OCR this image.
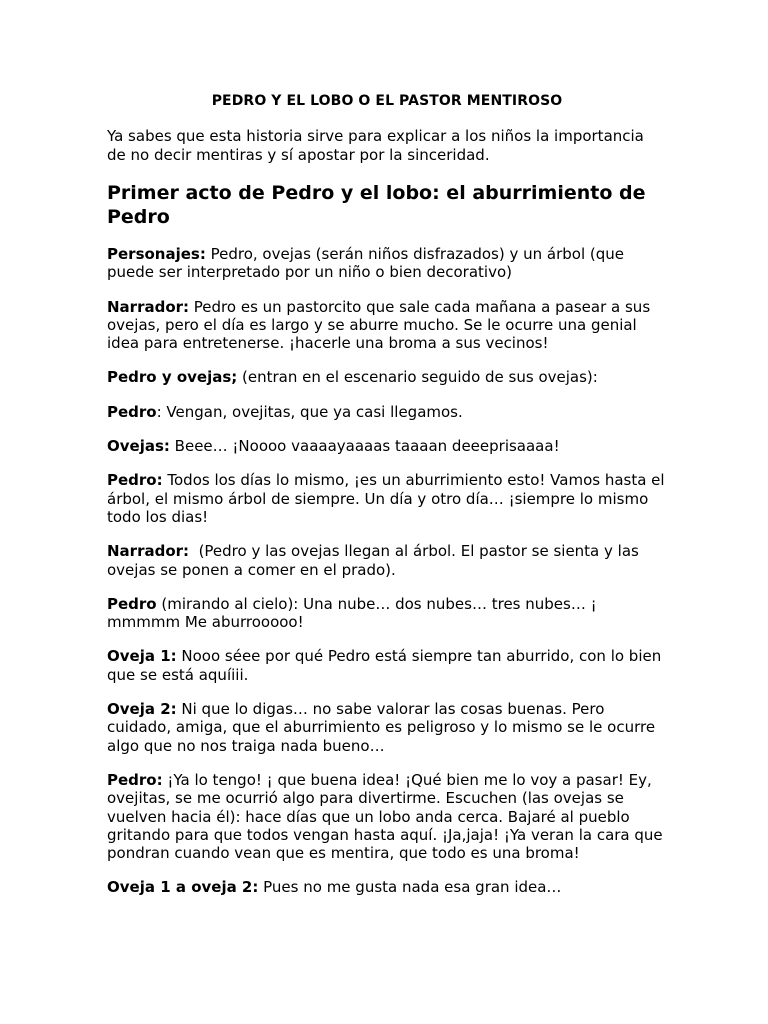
PEDRO Y EL LOBO O EL PASTOR MENTIROSO

Ya sabes que esta historia sirve para explicar a los niños la importancia de no decir mentiras y sí apostar por la sinceridad.

Primer acto de Pedro y el lobo: el aburrimiento de Pedro

Personajes: Pedro, ovejas (serán niños disfrazados) y un árbol (que puede ser interpretado por un niño o bien decorativo)

Narrador: Pedro es un pastorcito que sale cada mañana a pasear a sus ovejas, pero el día es largo y se aburre mucho. Se le ocurre una genial idea para entretenerse. ¡hacerle una broma a sus vecinos!

Pedro y ovejas; (entran en el escenario seguido de sus ovejas):

Pedro: Vengan, ovejitas, que ya casi llegamos.

Ovejas: Beee… ¡Noooo vaaaayaaaas taaaan deeeprisaaaa!

Pedro: Todos los días lo mismo, ¡es un aburrimiento esto! Vamos hasta el árbol, el mismo árbol de siempre. Un día y otro día… ¡siempre lo mismo todo los dias!

Narrador:  (Pedro y las ovejas llegan al árbol. El pastor se sienta y las ovejas se ponen a comer en el prado).

Pedro (mirando al cielo): Una nube… dos nubes… tres nubes… ¡ mmmmm Me aburrooooo!

Oveja 1: Nooo séee por qué Pedro está siempre tan aburrido, con lo bien que se está aquíiii.

Oveja 2: Ni que lo digas… no sabe valorar las cosas buenas. Pero cuidado, amiga, que el aburrimiento es peligroso y lo mismo se le ocurre algo que no nos traiga nada bueno…

Pedro: ¡Ya lo tengo! ¡ que buena idea! ¡Qué bien me lo voy a pasar! Ey, ovejitas, se me ocurrió algo para divertirme. Escuchen (las ovejas se vuelven hacia él): hace días que un lobo anda cerca. Bajaré al pueblo gritando para que todos vengan hasta aquí. ¡Ja,jaja! ¡Ya veran la cara que pondran cuando vean que es mentira, que todo es una broma!

Oveja 1 a oveja 2: Pues no me gusta nada esa gran idea…
